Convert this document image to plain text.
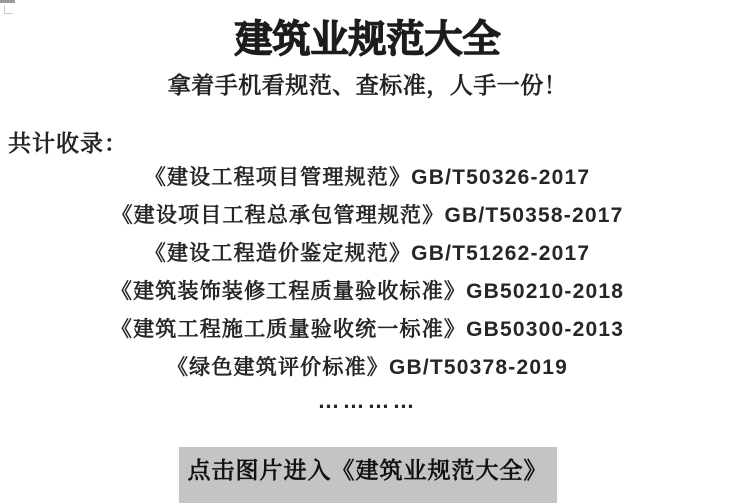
建筑业规范大全
拿着手机看规范、查标准，人手一份！
共计收录：
《建设工程项目管理规范》GB/T50326-2017
《建设项目工程总承包管理规范》GB/T50358-2017
《建设工程造价鉴定规范》GB/T51262-2017
《建筑装饰装修工程质量验收标准》GB50210-2018
《建筑工程施工质量验收统一标准》GB50300-2013
《绿色建筑评价标准》GB/T50378-2019
…………
点击图片进入《建筑业规范大全》
